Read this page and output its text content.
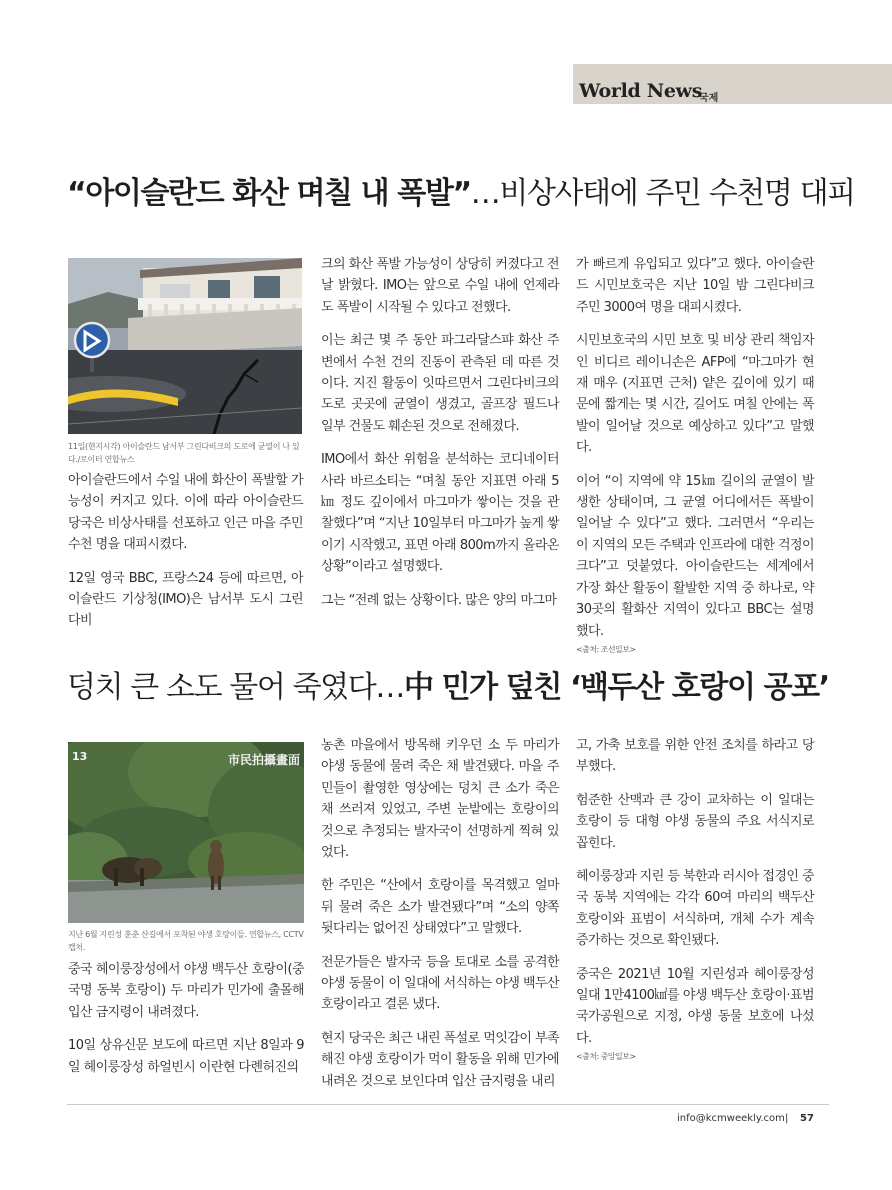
World News
국제
“아이슬란드 화산 며칠 내 폭발”…비상사태에 주민 수천명 대피
11일(현지시각) 아이슬란드 남서부 그린다비크의 도로에 균열이 나 있다./로이터 연합뉴스

아이슬란드에서 수일 내에 화산이 폭발할 가능성이 커지고 있다. 이에 따라 아이슬란드 당국은 비상사태를 선포하고 인근 마을 주민 수천 명을 대피시켰다.

12일 영국 BBC, 프랑스24 등에 따르면, 아이슬란드 기상청(IMO)은 남서부 도시 그린다비

크의 화산 폭발 가능성이 상당히 커졌다고 전날 밝혔다. IMO는 앞으로 수일 내에 언제라도 폭발이 시작될 수 있다고 전했다.

이는 최근 몇 주 동안 파그라달스퍄 화산 주변에서 수천 건의 진동이 관측된 데 따른 것이다. 지진 활동이 잇따르면서 그린다비크의 도로 곳곳에 균열이 생겼고, 골프장 필드나 일부 건물도 훼손된 것으로 전해졌다.

IMO에서 화산 위험을 분석하는 코디네이터 사라 바르소티는 “며칠 동안 지표면 아래 5㎞ 정도 깊이에서 마그마가 쌓이는 것을 관찰했다”며 “지난 10일부터 마그마가 높게 쌓이기 시작했고, 표면 아래 800m까지 올라온 상황”이라고 설명했다.

그는 “전례 없는 상황이다. 많은 양의 마그마

가 빠르게 유입되고 있다”고 했다. 아이슬란드 시민보호국은 지난 10일 밤 그린다비크 주민 3000여 명을 대피시켰다.

시민보호국의 시민 보호 및 비상 관리 책임자인 비디르 레이니손은 AFP에 “마그마가 현재 매우 (지표면 근처) 얕은 깊이에 있기 때문에 짧게는 몇 시간, 길어도 며칠 안에는 폭발이 일어날 것으로 예상하고 있다”고 말했다.

이어 “이 지역에 약 15㎞ 길이의 균열이 발생한 상태이며, 그 균열 어디에서든 폭발이 일어날 수 있다”고 했다. 그러면서 “우리는 이 지역의 모든 주택과 인프라에 대한 걱정이 크다”고 덧붙였다. 아이슬란드는 세계에서 가장 화산 활동이 활발한 지역 중 하나로, 약 30곳의 활화산 지역이 있다고 BBC는 설명했다.

<출처: 조선일보>
덩치 큰 소도 물어 죽였다…中 민가 덮친 ‘백두산 호랑이 공포’
13	市民拍攝畫面
지난 6월 지린성 훈춘 산길에서 포착된 야생 호랑이들. 연합뉴스, CCTV 캡처.

중국 헤이룽장성에서 야생 백두산 호랑이(중국명 동북 호랑이) 두 마리가 민가에 출몰해 입산 금지령이 내려졌다.

10일 상유신문 보도에 따르면 지난 8일과 9일 헤이룽장성 하얼빈시 이란현 다롄허진의

농촌 마을에서 방목해 키우던 소 두 마리가 야생 동물에 물려 죽은 채 발견됐다. 마을 주민들이 촬영한 영상에는 덩치 큰 소가 죽은 채 쓰러져 있었고, 주변 눈밭에는 호랑이의 것으로 추정되는 발자국이 선명하게 찍혀 있었다.

한 주민은 “산에서 호랑이를 목격했고 얼마 뒤 물려 죽은 소가 발견됐다”며 “소의 양쪽 뒷다리는 없어진 상태였다”고 말했다.

전문가들은 발자국 등을 토대로 소를 공격한 야생 동물이 이 일대에 서식하는 야생 백두산 호랑이라고 결론 냈다.

현지 당국은 최근 내린 폭설로 먹잇감이 부족해진 야생 호랑이가 먹이 활동을 위해 민가에 내려온 것으로 보인다며 입산 금지령을 내리

고, 가축 보호를 위한 안전 조치를 하라고 당부했다.

험준한 산맥과 큰 강이 교차하는 이 일대는 호랑이 등 대형 야생 동물의 주요 서식지로 꼽힌다.

헤이룽장과 지린 등 북한과 러시아 접경인 중국 동북 지역에는 각각 60여 마리의 백두산 호랑이와 표범이 서식하며, 개체 수가 계속 증가하는 것으로 확인됐다.

중국은 2021년 10월 지린성과 헤이룽장성 일대 1만4100㎢를 야생 백두산 호랑이·표범 국가공원으로 지정, 야생 동물 보호에 나섰다.

<출처: 중앙일보>
info@kcmweekly.com | 57
